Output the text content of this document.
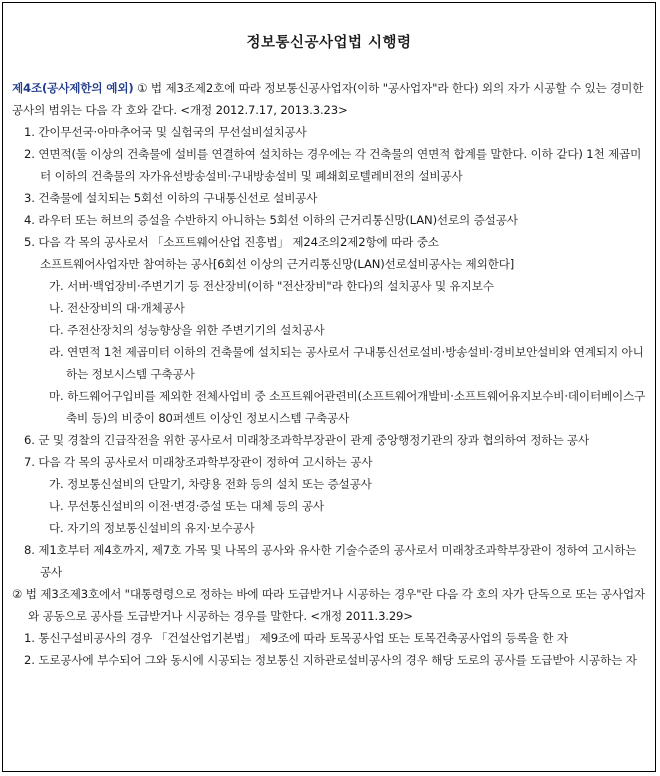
정보통신공사업법 시행령

제4조(공사제한의 예외) ① 법 제3조제2호에 따라 정보통신공사업자(이하 "공사업자"라 한다) 외의 자가 시공할 수 있는 경미한 공사의 범위는 다음 각 호와 같다. <개정 2012.7.17, 2013.3.23>

1. 간이무선국·아마추어국 및 실험국의 무선설비설치공사

2. 연면적(둘 이상의 건축물에 설비를 연결하여 설치하는 경우에는 각 건축물의 연면적 합계를 말한다. 이하 같다) 1천 제곱미터 이하의 건축물의 자가유선방송설비·구내방송설비 및 폐쇄회로텔레비전의 설비공사

3. 건축물에 설치되는 5회선 이하의 구내통신선로 설비공사

4. 라우터 또는 허브의 증설을 수반하지 아니하는 5회선 이하의 근거리통신망(LAN)선로의 증설공사

5. 다음 각 목의 공사로서 「소프트웨어산업 진흥법」 제24조의2제2항에 따라 중소

소프트웨어사업자만 참여하는 공사[6회선 이상의 근거리통신망(LAN)선로설비공사는 제외한다]

가. 서버·백업장비·주변기기 등 전산장비(이하 "전산장비"라 한다)의 설치공사 및 유지보수

나. 전산장비의 대·개체공사

다. 주전산장치의 성능향상을 위한 주변기기의 설치공사

라. 연면적 1천 제곱미터 이하의 건축물에 설치되는 공사로서 구내통신선로설비·방송설비·경비보안설비와 연계되지 아니하는 정보시스템 구축공사

마. 하드웨어구입비를 제외한 전체사업비 중 소프트웨어관련비(소프트웨어개발비·소프트웨어유지보수비·데이터베이스구축비 등)의 비중이 80퍼센트 이상인 정보시스템 구축공사

6. 군 및 경찰의 긴급작전을 위한 공사로서 미래창조과학부장관이 관계 중앙행정기관의 장과 협의하여 정하는 공사

7. 다음 각 목의 공사로서 미래창조과학부장관이 정하여 고시하는 공사

가. 정보통신설비의 단말기, 차량용 전화 등의 설치 또는 증설공사

나. 무선통신설비의 이전·변경·증설 또는 대체 등의 공사

다. 자기의 정보통신설비의 유지·보수공사

8. 제1호부터 제4호까지, 제7호 가목 및 나목의 공사와 유사한 기술수준의 공사로서 미래창조과학부장관이 정하여 고시하는 공사

② 법 제3조제3호에서 "대통령령으로 정하는 바에 따라 도급받거나 시공하는 경우"란 다음 각 호의 자가 단독으로 또는 공사업자와 공동으로 공사를 도급받거나 시공하는 경우를 말한다. <개정 2011.3.29>

1. 통신구설비공사의 경우 「건설산업기본법」 제9조에 따라 토목공사업 또는 토목건축공사업의 등록을 한 자

2. 도로공사에 부수되어 그와 동시에 시공되는 정보통신 지하관로설비공사의 경우 해당 도로의 공사를 도급받아 시공하는 자
